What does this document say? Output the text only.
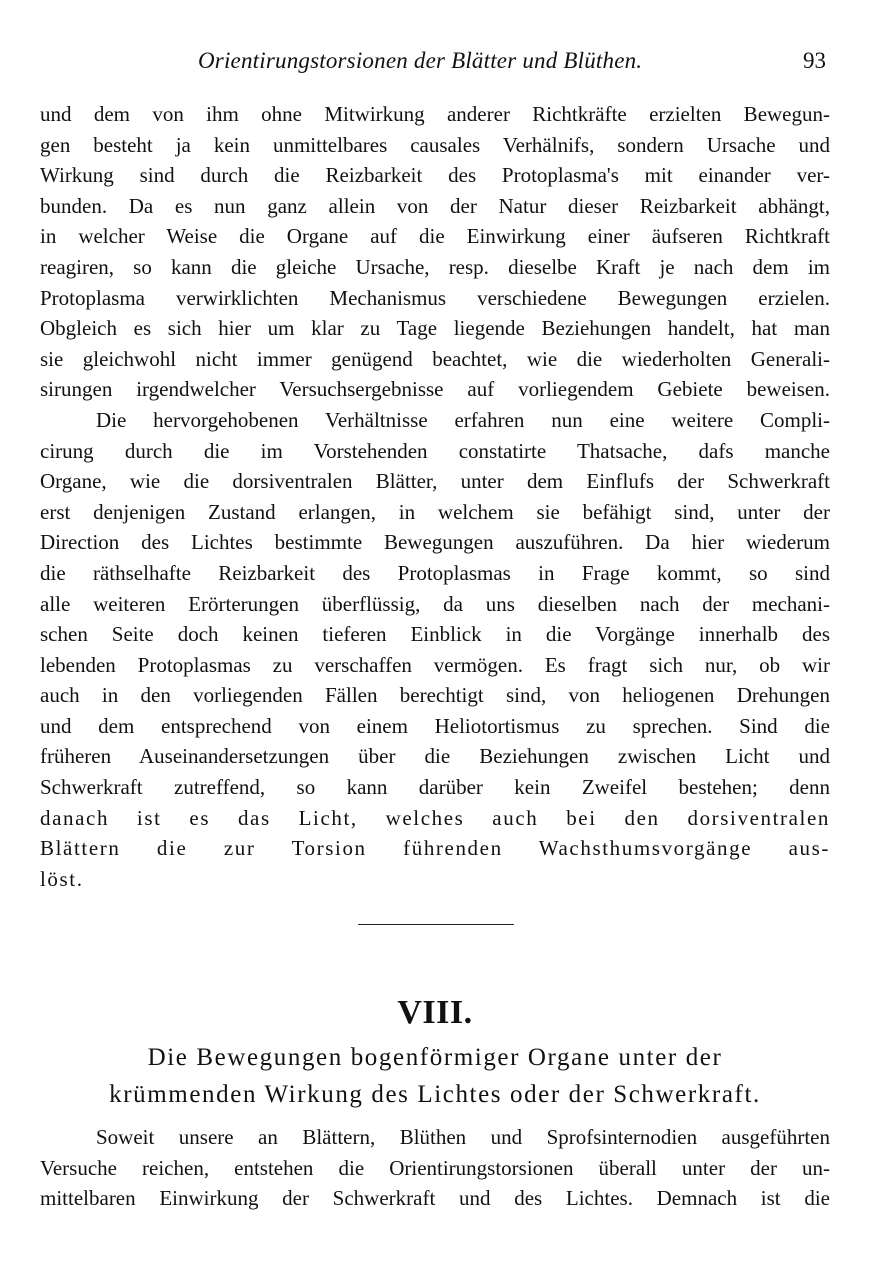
Orientirungstorsionen der Blätter und Blüthen.	93
und dem von ihm ohne Mitwirkung anderer Richtkräfte erzielten Bewegun-
gen besteht ja kein unmittelbares causales Verhälnifs, sondern Ursache und
Wirkung sind durch die Reizbarkeit des Protoplasma's mit einander ver-
bunden. Da es nun ganz allein von der Natur dieser Reizbarkeit abhängt,
in welcher Weise die Organe auf die Einwirkung einer äufseren Richtkraft
reagiren, so kann die gleiche Ursache, resp. dieselbe Kraft je nach dem im
Protoplasma verwirklichten Mechanismus verschiedene Bewegungen erzielen.
Obgleich es sich hier um klar zu Tage liegende Beziehungen handelt, hat man
sie gleichwohl nicht immer genügend beachtet, wie die wiederholten Generali-
sirungen irgendwelcher Versuchsergebnisse auf vorliegendem Gebiete beweisen.
Die hervorgehobenen Verhältnisse erfahren nun eine weitere Compli-
cirung durch die im Vorstehenden constatirte Thatsache, dafs manche
Organe, wie die dorsiventralen Blätter, unter dem Einflufs der Schwerkraft
erst denjenigen Zustand erlangen, in welchem sie befähigt sind, unter der
Direction des Lichtes bestimmte Bewegungen auszuführen. Da hier wiederum
die räthselhafte Reizbarkeit des Protoplasmas in Frage kommt, so sind
alle weiteren Erörterungen überflüssig, da uns dieselben nach der mechani-
schen Seite doch keinen tieferen Einblick in die Vorgänge innerhalb des
lebenden Protoplasmas zu verschaffen vermögen. Es fragt sich nur, ob wir
auch in den vorliegenden Fällen berechtigt sind, von heliogenen Drehungen
und dem entsprechend von einem Heliotortismus zu sprechen. Sind die
früheren Auseinandersetzungen über die Beziehungen zwischen Licht und
Schwerkraft zutreffend, so kann darüber kein Zweifel bestehen; denn
danach ist es das Licht, welches auch bei den dorsiventralen
Blättern die zur Torsion führenden Wachsthumsvorgänge aus-
löst.
VIII.
Die Bewegungen bogenförmiger Organe unter der
krümmenden Wirkung des Lichtes oder der Schwerkraft.
Soweit unsere an Blättern, Blüthen und Sprofsinternodien ausgeführten
Versuche reichen, entstehen die Orientirungstorsionen überall unter der un-
mittelbaren Einwirkung der Schwerkraft und des Lichtes. Demnach ist die
